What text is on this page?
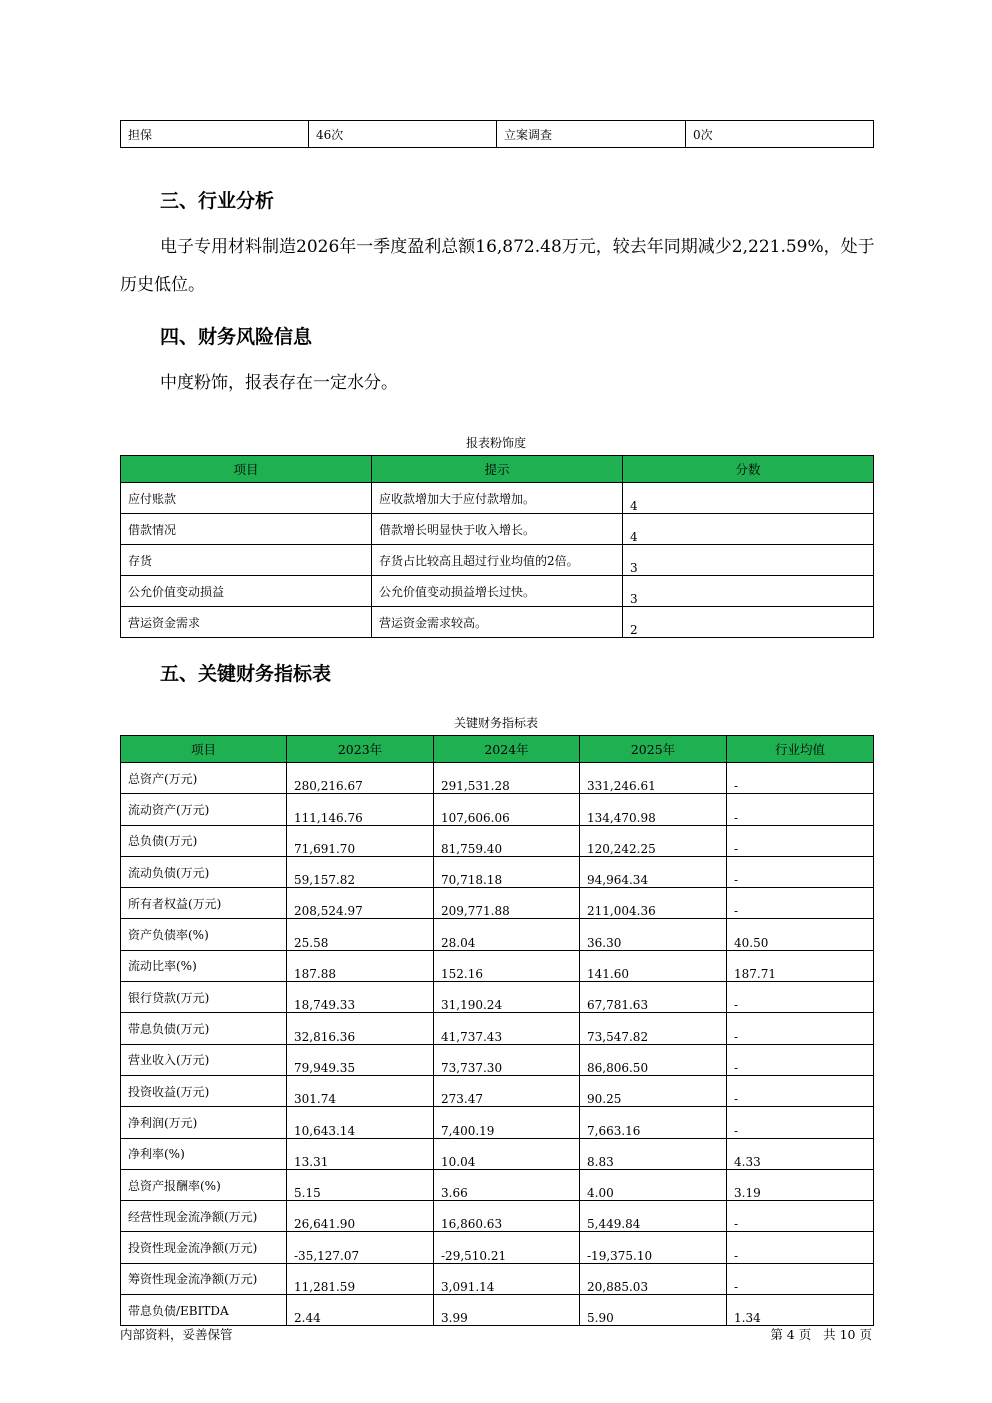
担保	46次	立案调查	0次
三、行业分析
电子专用材料制造2026年一季度盈利总额16,872.48万元，较去年同期减少2,221.59%，处于历史低位。
四、财务风险信息
中度粉饰，报表存在一定水分。
报表粉饰度
项目	提示	分数
应付账款	应收款增加大于应付款增加。	4
借款情况	借款增长明显快于收入增长。	4
存货	存货占比较高且超过行业均值的2倍。	3
公允价值变动损益	公允价值变动损益增长过快。	3
营运资金需求	营运资金需求较高。	2
五、关键财务指标表
关键财务指标表
项目	2023年	2024年	2025年	行业均值
总资产(万元)	280,216.67	291,531.28	331,246.61	-
流动资产(万元)	111,146.76	107,606.06	134,470.98	-
总负债(万元)	71,691.70	81,759.40	120,242.25	-
流动负债(万元)	59,157.82	70,718.18	94,964.34	-
所有者权益(万元)	208,524.97	209,771.88	211,004.36	-
资产负债率(%)	25.58	28.04	36.30	40.50
流动比率(%)	187.88	152.16	141.60	187.71
银行贷款(万元)	18,749.33	31,190.24	67,781.63	-
带息负债(万元)	32,816.36	41,737.43	73,547.82	-
营业收入(万元)	79,949.35	73,737.30	86,806.50	-
投资收益(万元)	301.74	273.47	90.25	-
净利润(万元)	10,643.14	7,400.19	7,663.16	-
净利率(%)	13.31	10.04	8.83	4.33
总资产报酬率(%)	5.15	3.66	4.00	3.19
经营性现金流净额(万元)	26,641.90	16,860.63	5,449.84	-
投资性现金流净额(万元)	-35,127.07	-29,510.21	-19,375.10	-
筹资性现金流净额(万元)	11,281.59	3,091.14	20,885.03	-
带息负债/EBITDA	2.44	3.99	5.90	1.34
内部资料，妥善保管	第 4 页   共 10 页
